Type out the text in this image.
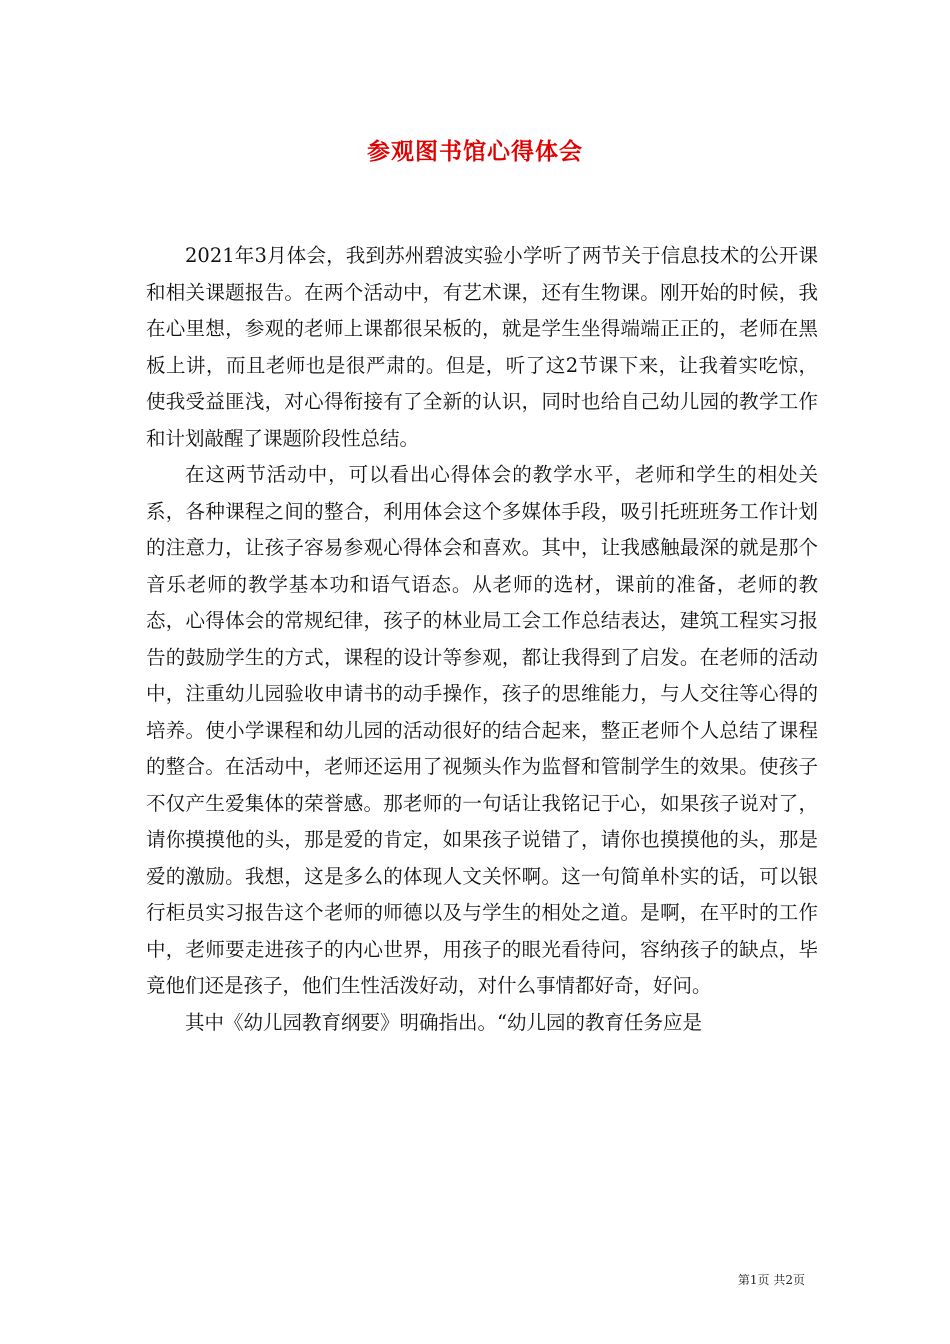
参观图书馆心得体会

2021年3月体会，我到苏州碧波实验小学听了两节关于信息技术的公开课和相关课题报告。在两个活动中，有艺术课，还有生物课。刚开始的时候，我在心里想，参观的老师上课都很呆板的，就是学生坐得端端正正的，老师在黑板上讲，而且老师也是很严肃的。但是，听了这2节课下来，让我着实吃惊，使我受益匪浅，对心得衔接有了全新的认识，同时也给自己幼儿园的教学工作和计划敲醒了课题阶段性总结。

在这两节活动中，可以看出心得体会的教学水平，老师和学生的相处关系，各种课程之间的整合，利用体会这个多媒体手段，吸引托班班务工作计划的注意力，让孩子容易参观心得体会和喜欢。其中，让我感触最深的就是那个音乐老师的教学基本功和语气语态。从老师的选材，课前的准备，老师的教态，心得体会的常规纪律，孩子的林业局工会工作总结表达，建筑工程实习报告的鼓励学生的方式，课程的设计等参观，都让我得到了启发。在老师的活动中，注重幼儿园验收申请书的动手操作，孩子的思维能力，与人交往等心得的培养。使小学课程和幼儿园的活动很好的结合起来，整正老师个人总结了课程的整合。在活动中，老师还运用了视频头作为监督和管制学生的效果。使孩子不仅产生爱集体的荣誉感。那老师的一句话让我铭记于心，如果孩子说对了，请你摸摸他的头，那是爱的肯定，如果孩子说错了，请你也摸摸他的头，那是爱的激励。我想，这是多么的体现人文关怀啊。这一句简单朴实的话，可以银行柜员实习报告这个老师的师德以及与学生的相处之道。是啊，在平时的工作中，老师要走进孩子的内心世界，用孩子的眼光看待问，容纳孩子的缺点，毕竟他们还是孩子，他们生性活泼好动，对什么事情都好奇，好问。

其中《幼儿园教育纲要》明确指出。“幼儿园的教育任务应是

第1页 共2页
